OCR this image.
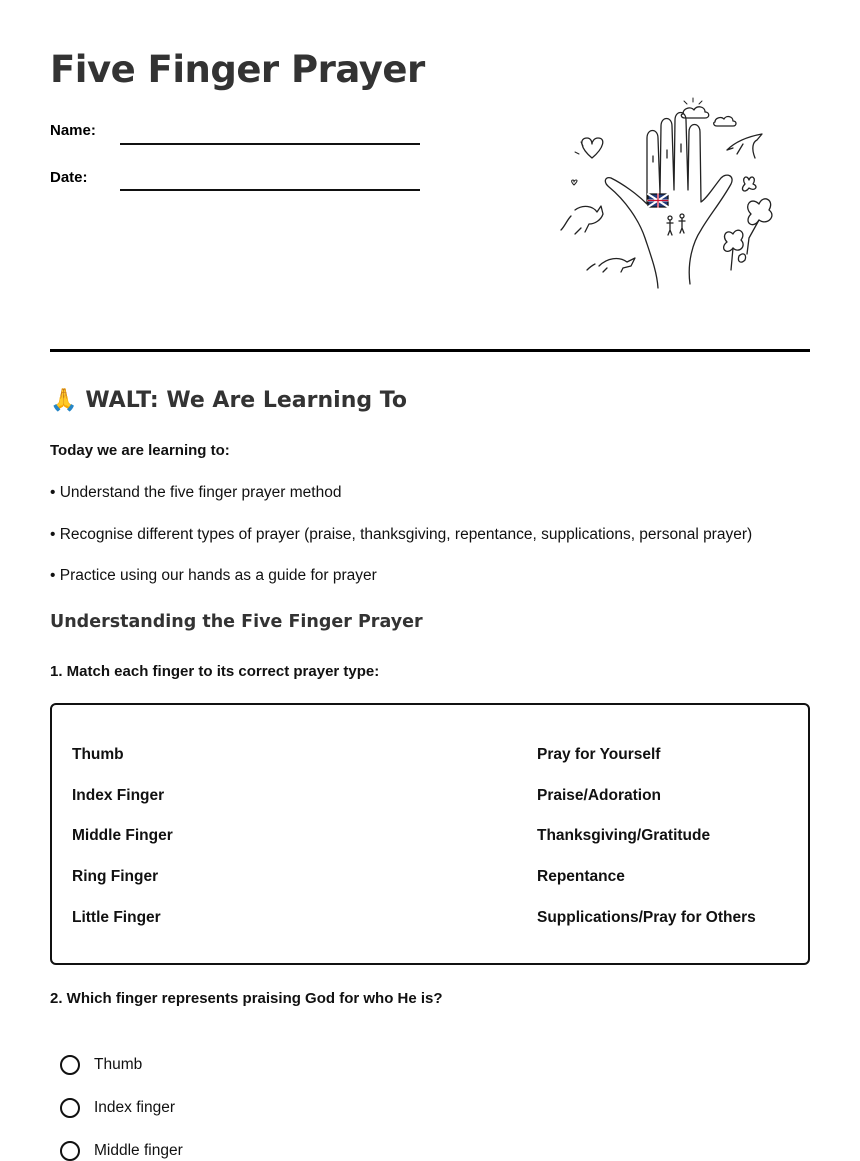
Five Finger Prayer
Name:
Date:
🙏 WALT: We Are Learning To
Today we are learning to:
• Understand the five finger prayer method
• Recognise different types of prayer (praise, thanksgiving, repentance, supplications, personal prayer)
• Practice using our hands as a guide for prayer
Understanding the Five Finger Prayer
1. Match each finger to its correct prayer type:
Thumb
Index Finger
Middle Finger
Ring Finger
Little Finger
Pray for Yourself
Praise/Adoration
Thanksgiving/Gratitude
Repentance
Supplications/Pray for Others
2. Which finger represents praising God for who He is?
Thumb
Index finger
Middle finger
